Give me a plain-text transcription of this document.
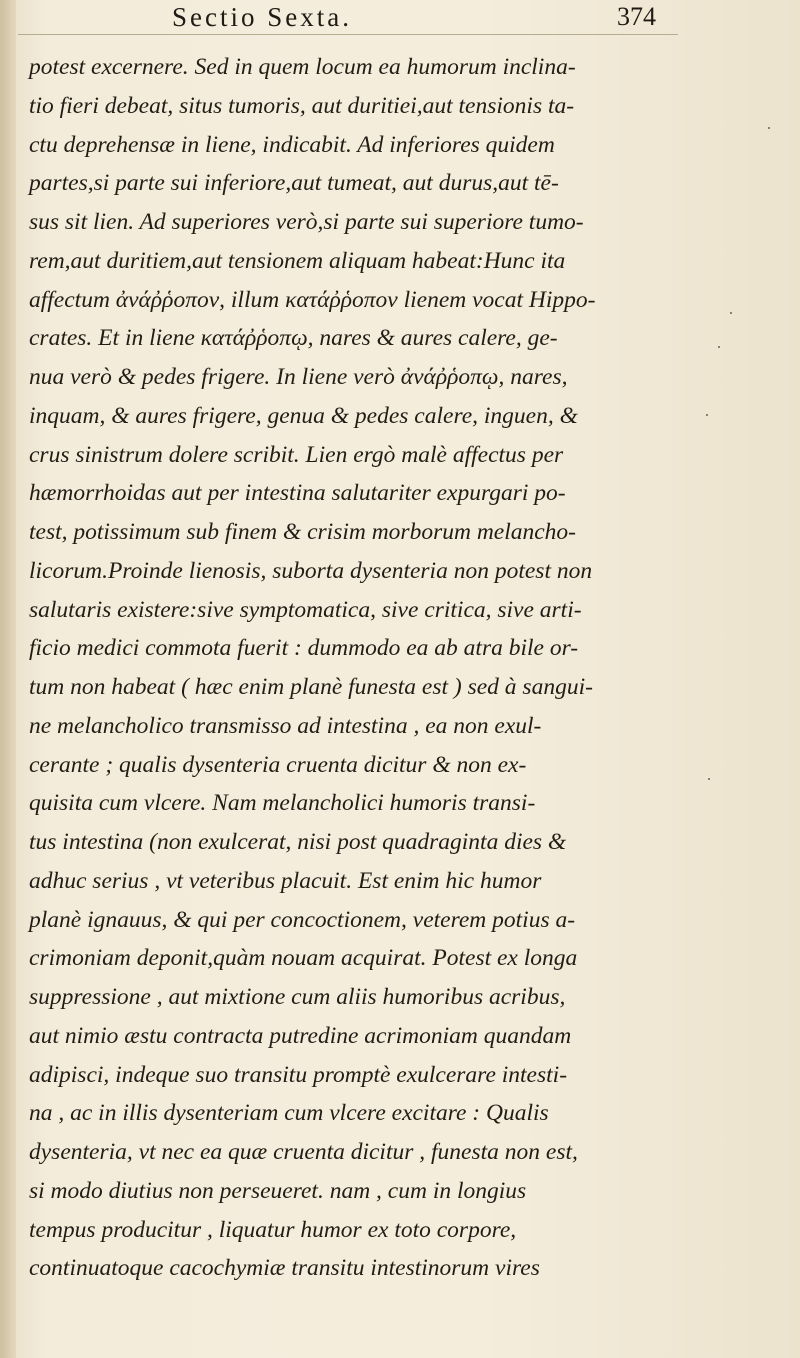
Sectio Sexta.	374
potest excernere. Sed in quem locum ea humorum inclina-
tio fieri debeat, situs tumoris, aut duritiei,aut tensionis ta-
ctu deprehensæ in liene, indicabit. Ad inferiores quidem
partes,si parte sui inferiore,aut tumeat, aut durus,aut tē-
sus sit lien. Ad superiores verò,si parte sui superiore tumo-
rem,aut duritiem,aut tensionem aliquam habeat:Hunc ita
affectum ἀνάῤῥοπον, illum κατάῤῥοπον lienem vocat Hippo-
crates. Et in liene κατάῤῥοπῳ, nares & aures calere, ge-
nua verò & pedes frigere. In liene verò ἀνάῤῥοπῳ, nares,
inquam, & aures frigere, genua & pedes calere, inguen, &
crus sinistrum dolere scribit. Lien ergò malè affectus per
hæmorrhoidas aut per intestina salutariter expurgari po-
test, potissimum sub finem & crisim morborum melancho-
licorum.Proinde lienosis, suborta dysenteria non potest non
salutaris existere:sive symptomatica, sive critica, sive arti-
ficio medici commota fuerit : dummodo ea ab atra bile or-
tum non habeat ( hæc enim planè funesta est ) sed à sangui-
ne melancholico transmisso ad intestina , ea non exul-
cerante ; qualis dysenteria cruenta dicitur & non ex-
quisita cum vlcere. Nam melancholici humoris transi-
tus intestina (non exulcerat, nisi post quadraginta dies &
adhuc serius , vt veteribus placuit. Est enim hic humor
planè ignauus, & qui per concoctionem, veterem potius a-
crimoniam deponit,quàm nouam acquirat. Potest ex longa
suppressione , aut mixtione cum aliis humoribus acribus,
aut nimio æstu contracta putredine acrimoniam quandam
adipisci, indeque suo transitu promptè exulcerare intesti-
na , ac in illis dysenteriam cum vlcere excitare : Qualis
dysenteria, vt nec ea quæ cruenta dicitur , funesta non est,
si modo diutius non perseueret. nam , cum in longius
tempus producitur , liquatur humor ex toto corpore,
continuatoque cacochymiæ transitu intestinorum vires
